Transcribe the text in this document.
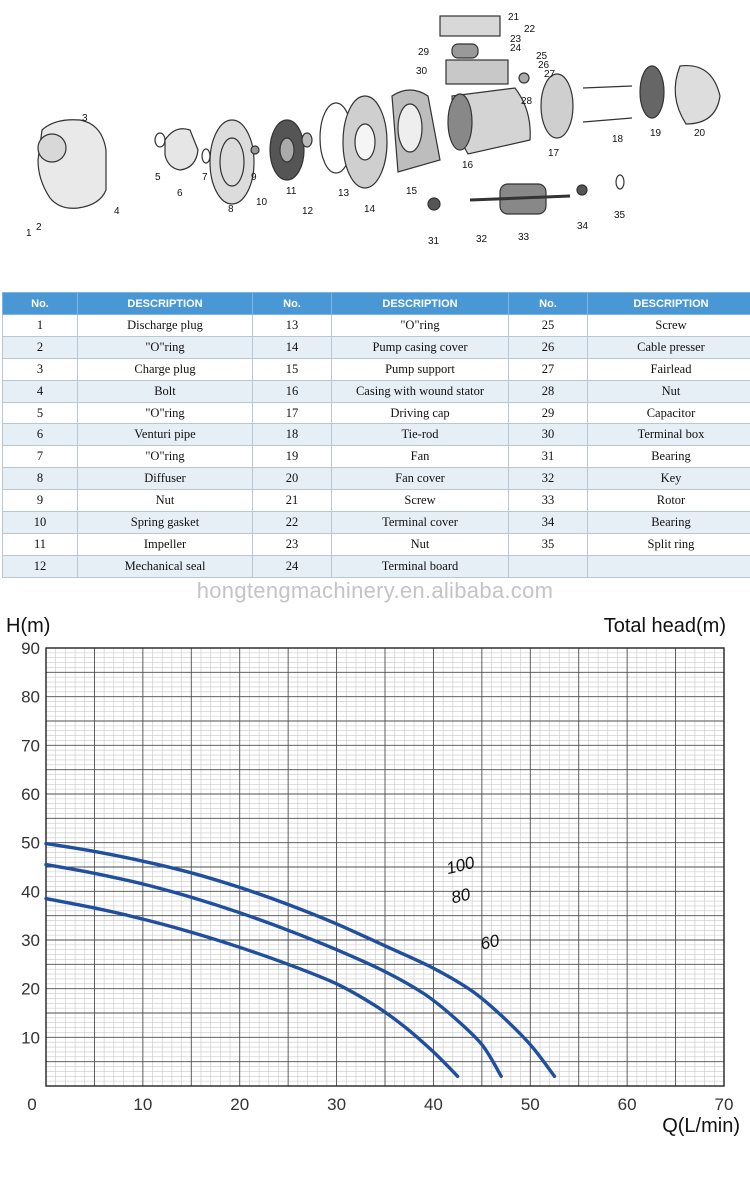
1
2
3
4
5
6
7
8
9
10
11
12
13
14
15
16
17
18
19	20
21
22
23
24
25
26
27
28
29
30
31	32	33
34
35
No.	DESCRIPTION	No.	DESCRIPTION	No.	DESCRIPTION
1	Discharge plug	13	"O"ring	25	Screw
2	"O"ring	14	Pump casing cover	26	Cable presser
3	Charge plug	15	Pump support	27	Fairlead
4	Bolt	16	Casing with wound stator	28	Nut
5	"O"ring	17	Driving cap	29	Capacitor
6	Venturi pipe	18	Tie-rod	30	Terminal box
7	"O"ring	19	Fan	31	Bearing
8	Diffuser	20	Fan cover	32	Key
9	Nut	21	Screw	33	Rotor
10	Spring gasket	22	Terminal cover	34	Bearing
11	Impeller	23	Nut	35	Split ring
12	Mechanical seal	24	Terminal board		
hongtengmachinery.en.alibaba.com
10
20
30
40
50
60
70
80
90
0	10	20	30	40	50	60	70
100
80
60
H(m)	Total head(m)
Q(L/min)
